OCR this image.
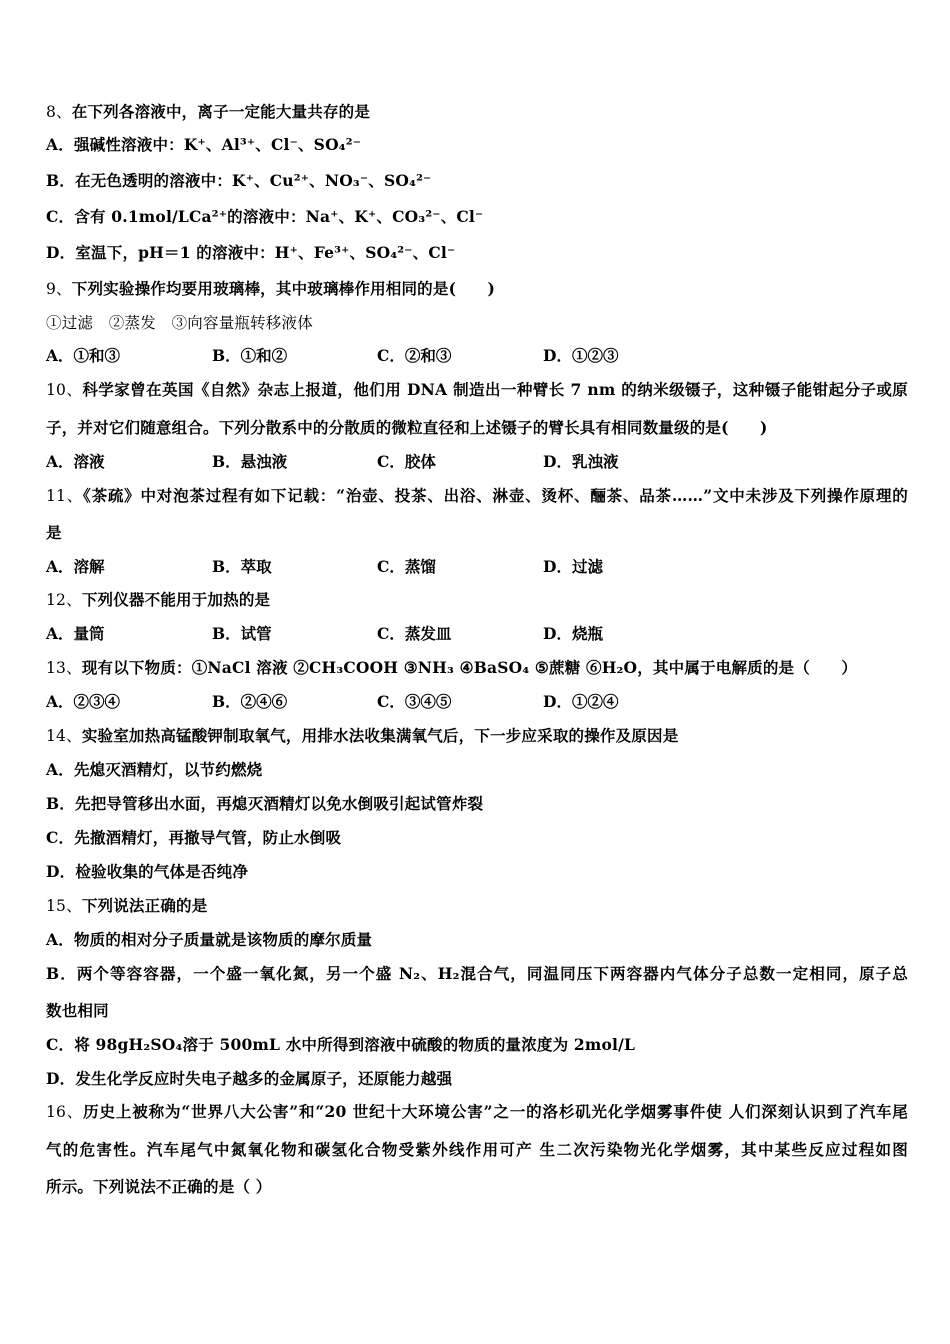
8、在下列各溶液中，离子一定能大量共存的是
A．强碱性溶液中：K⁺、Al³⁺、Cl⁻、SO₄²⁻
B．在无色透明的溶液中：K⁺、Cu²⁺、NO₃⁻、SO₄²⁻
C．含有 0.1mol/LCa²⁺的溶液中：Na⁺、K⁺、CO₃²⁻、Cl⁻
D．室温下，pH＝1 的溶液中：H⁺、Fe³⁺、SO₄²⁻、Cl⁻
9、下列实验操作均要用玻璃棒，其中玻璃棒作用相同的是(　　)
①过滤　②蒸发　③向容量瓶转移液体
A．①和③	B．①和②	C．②和③	D．①②③
10、科学家曾在英国《自然》杂志上报道，他们用 DNA 制造出一种臂长 7 nm 的纳米级镊子，这种镊子能钳起分子或原
子，并对它们随意组合。下列分散系中的分散质的微粒直径和上述镊子的臂长具有相同数量级的是(　　)
A．溶液	B．悬浊液	C．胶体	D．乳浊液
11、《茶疏》中对泡茶过程有如下记载：“治壶、投茶、出浴、淋壶、烫杯、酾茶、品茶……”文中未涉及下列操作原理的
是
A．溶解	B．萃取	C．蒸馏	D．过滤
12、下列仪器不能用于加热的是
A．量筒	B．试管	C．蒸发皿	D．烧瓶
13、现有以下物质：①NaCl 溶液 ②CH₃COOH ③NH₃ ④BaSO₄ ⑤蔗糖 ⑥H₂O，其中属于电解质的是（　　）
A．②③④	B．②④⑥	C．③④⑤	D．①②④
14、实验室加热高锰酸钾制取氧气，用排水法收集满氧气后，下一步应采取的操作及原因是
A．先熄灭酒精灯，以节约燃烧
B．先把导管移出水面，再熄灭酒精灯以免水倒吸引起试管炸裂
C．先撤酒精灯，再撤导气管，防止水倒吸
D．检验收集的气体是否纯净
15、下列说法正确的是
A．物质的相对分子质量就是该物质的摩尔质量
B．两个等容容器，一个盛一氧化氮，另一个盛 N₂、H₂混合气，同温同压下两容器内气体分子总数一定相同，原子总
数也相同
C．将 98gH₂SO₄溶于 500mL 水中所得到溶液中硫酸的物质的量浓度为 2mol/L
D．发生化学反应时失电子越多的金属原子，还原能力越强
16、历史上被称为“世界八大公害”和“20 世纪十大环境公害”之一的洛杉矶光化学烟雾事件使 人们深刻认识到了汽车尾
气的危害性。汽车尾气中氮氧化物和碳氢化合物受紫外线作用可产 生二次污染物光化学烟雾，其中某些反应过程如图
所示。下列说法不正确的是（ ）
